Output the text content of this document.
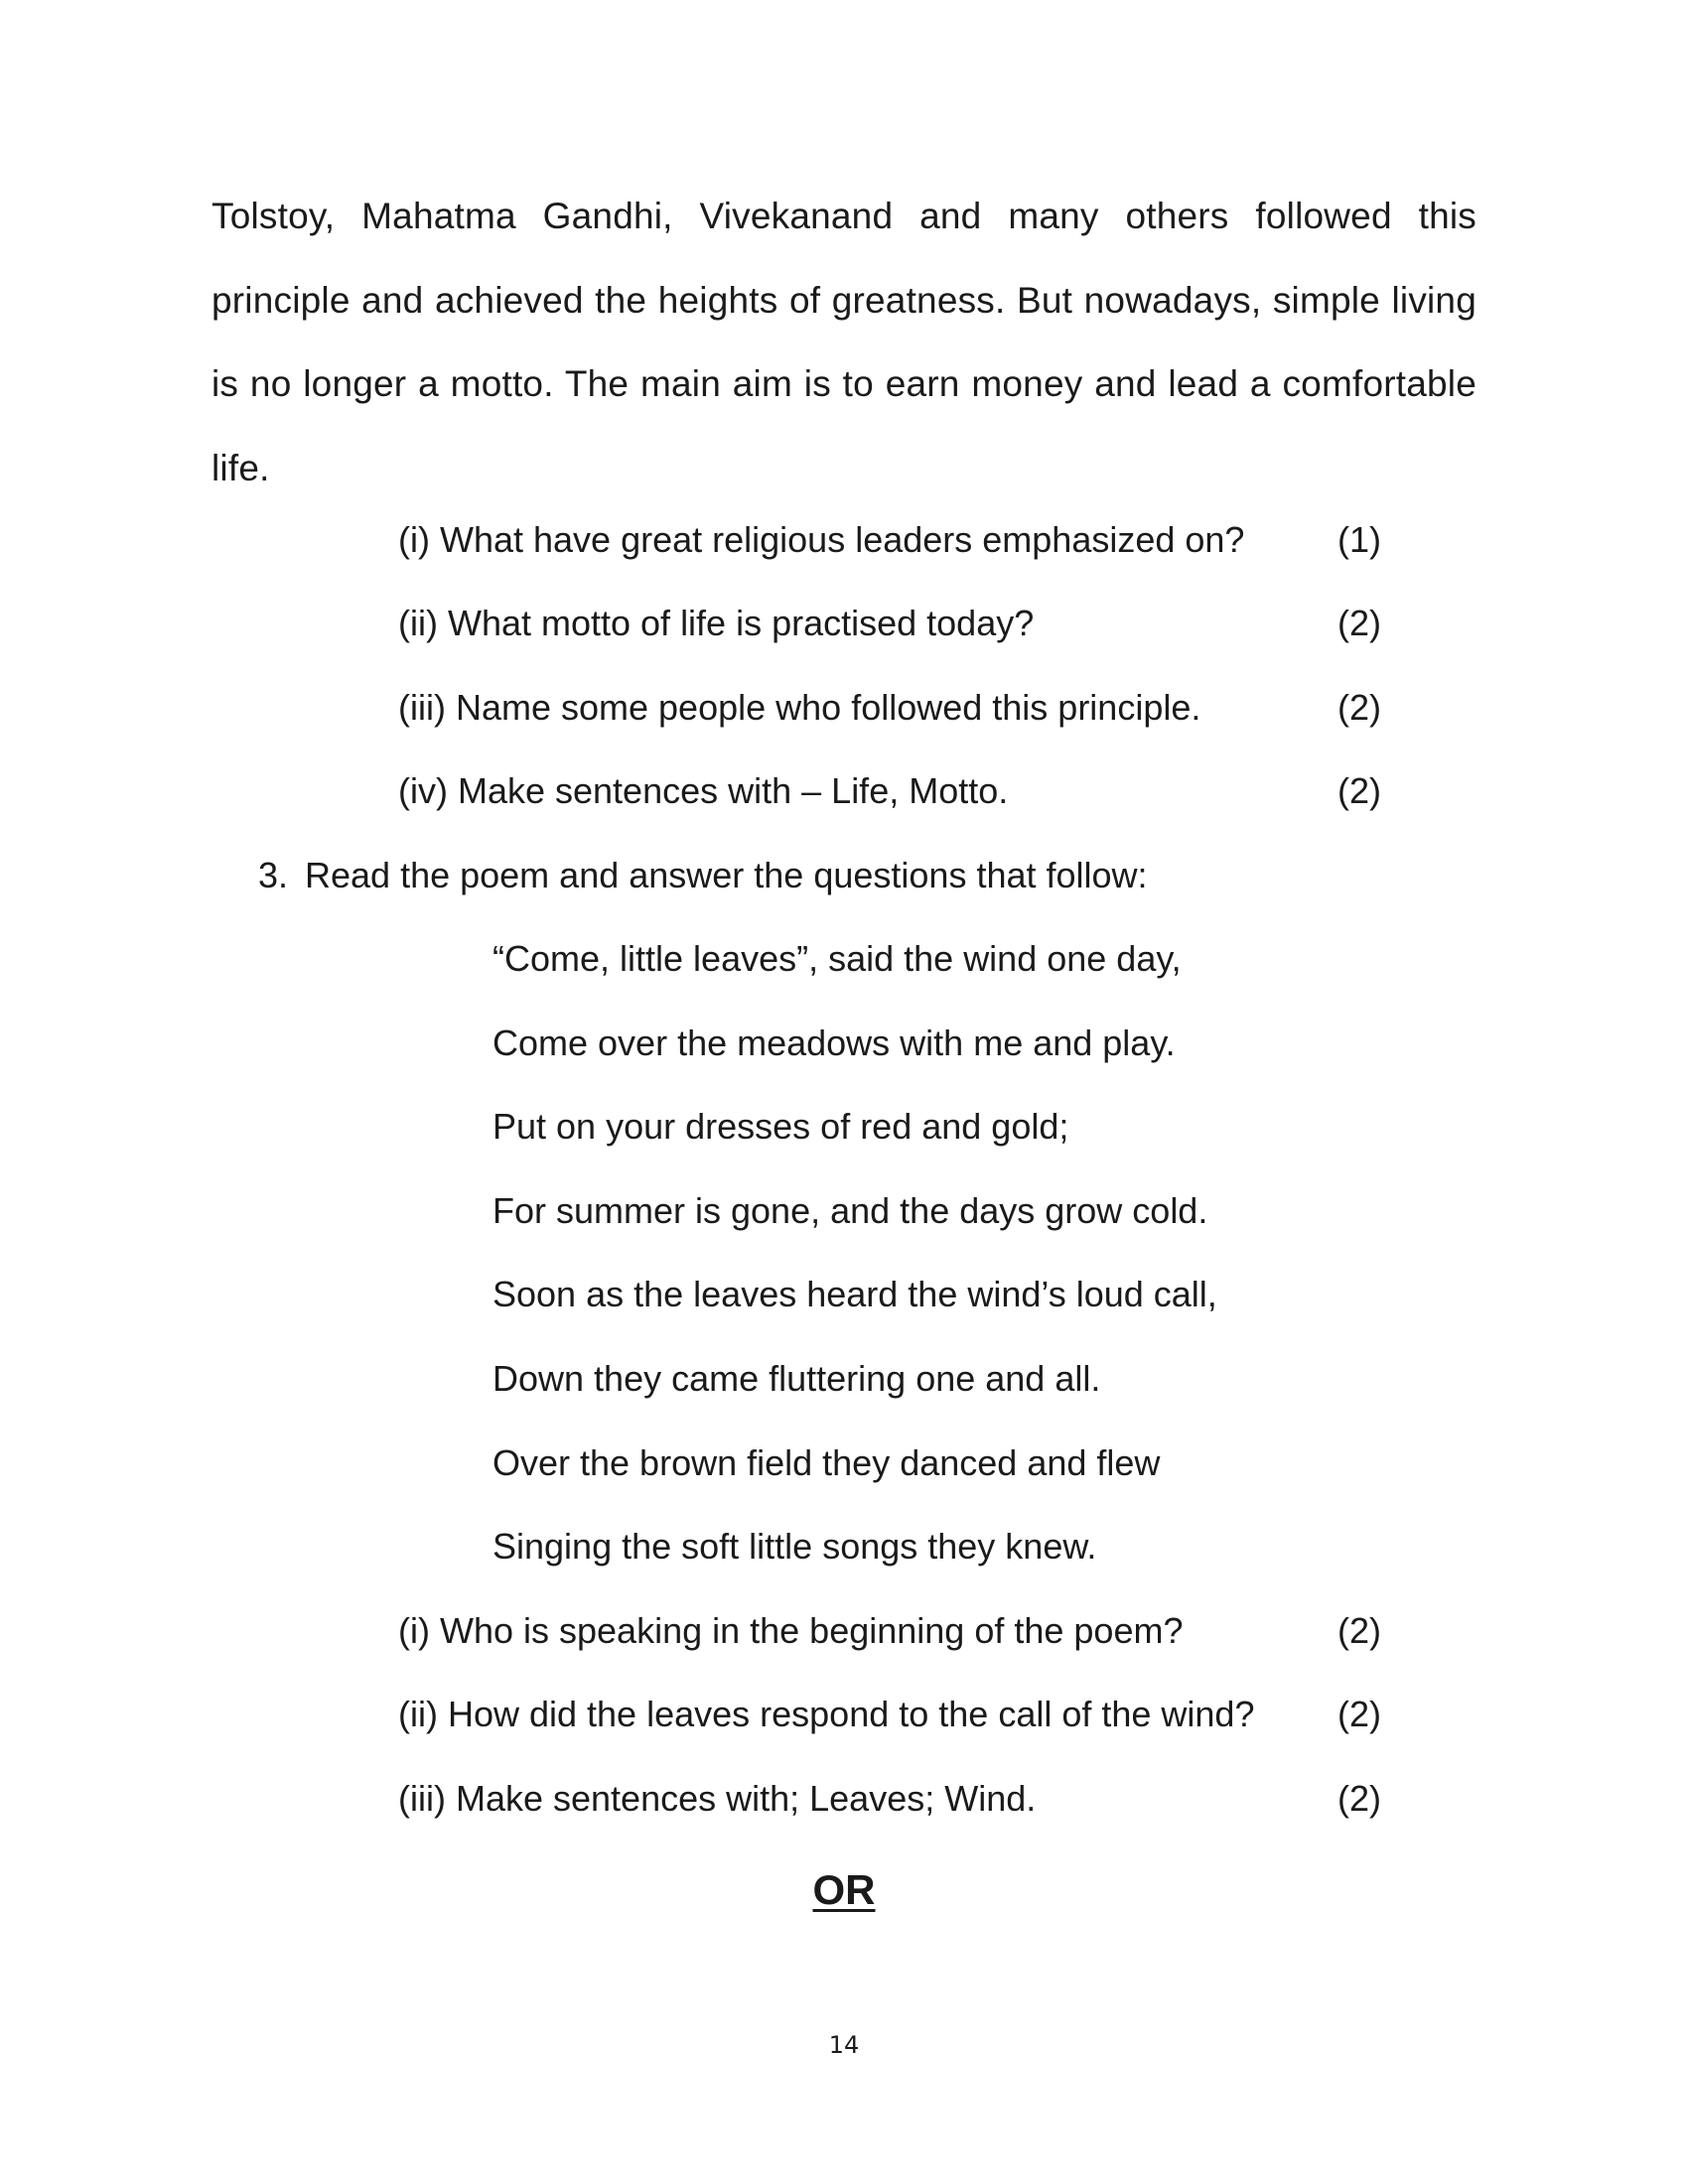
Tolstoy, Mahatma Gandhi, Vivekanand and many others followed this principle and achieved the heights of greatness. But nowadays, simple living is no longer a motto. The main aim is to earn money and lead a comfortable life.

(i) What have great religious leaders emphasized on?	(1)
(ii) What motto of life is practised today?	(2)
(iii) Name some people who followed this principle.	(2)
(iv) Make sentences with – Life, Motto.	(2)
3. Read the poem and answer the questions that follow:
“Come, little leaves”, said the wind one day,
Come over the meadows with me and play.
Put on your dresses of red and gold;
For summer is gone, and the days grow cold.
Soon as the leaves heard the wind’s loud call,
Down they came fluttering one and all.
Over the brown field they danced and flew
Singing the soft little songs they knew.
(i) Who is speaking in the beginning of the poem?	(2)
(ii) How did the leaves respond to the call of the wind? (2)
(iii) Make sentences with; Leaves; Wind.	(2)
OR
14
